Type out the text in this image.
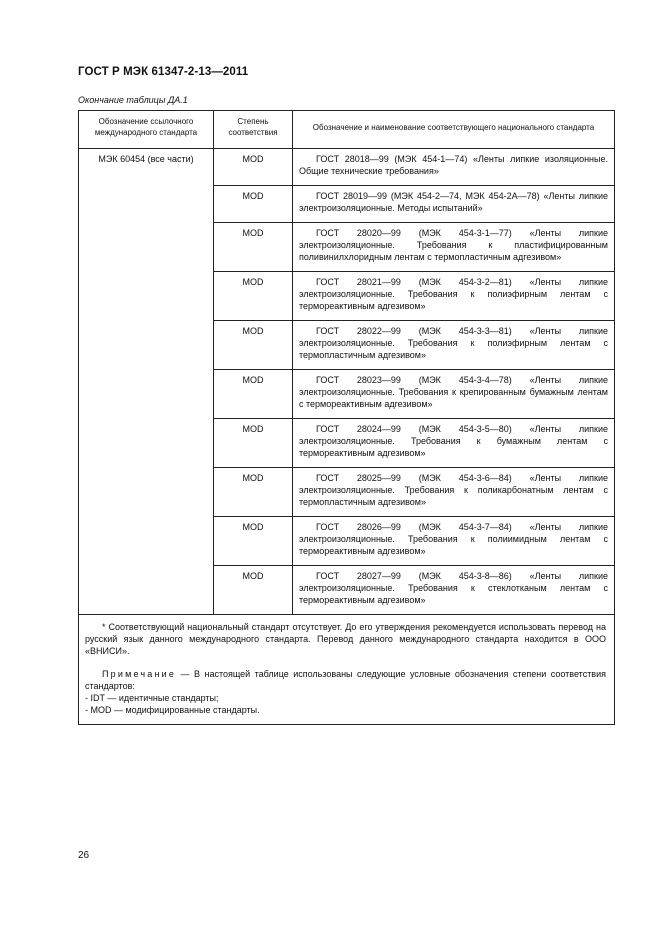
ГОСТ Р МЭК 61347-2-13—2011
Окончание таблицы ДА.1
Обозначение ссылочного международного стандарта	Степень соответствия	Обозначение и наименование соответствующего национального стандарта
МЭК 60454 (все части)	MOD	ГОСТ 28018—99 (МЭК 454-1—74) «Ленты липкие изоляционные. Общие технические требования»

	MOD	ГОСТ 28019—99 (МЭК 454-2—74, МЭК 454-2А—78) «Ленты липкие электроизоляционные. Методы испытаний»

	MOD	ГОСТ 28020—99 (МЭК 454-3-1—77) «Ленты липкие электроизоляционные. Требования к пластифицированным поливинилхлоридным лентам с термопластичным адгезивом»

	MOD	ГОСТ 28021—99 (МЭК 454-3-2—81) «Ленты липкие электроизоляционные. Требования к полиэфирным лентам с термореактивным адгезивом»

	MOD	ГОСТ 28022—99 (МЭК 454-3-3—81) «Ленты липкие электроизоляционные. Требования к полиэфирным лентам с термопластичным адгезивом»

	MOD	ГОСТ 28023—99 (МЭК 454-3-4—78) «Ленты липкие электроизоляционные. Требования к крепированным бумажным лентам с термореактивным адгезивом»

	MOD	ГОСТ 28024—99 (МЭК 454-3-5—80) «Ленты липкие электроизоляционные. Требования к бумажным лентам с термореактивным адгезивом»

	MOD	ГОСТ 28025—99 (МЭК 454-3-6—84) «Ленты липкие электроизоляционные. Требования к поликарбонатным лентам с термопластичным адгезивом»

	MOD	ГОСТ 28026—99 (МЭК 454-3-7—84) «Ленты липкие электроизоляционные. Требования к полиимидным лентам с термореактивным адгезивом»

	MOD	ГОСТ 28027—99 (МЭК 454-3-8—86) «Ленты липкие электроизоляционные. Требования к стеклотканым лентам с термореактивным адгезивом»

* Соответствующий национальный стандарт отсутствует. До его утверждения рекомендуется использовать перевод на русский язык данного международного стандарта. Перевод данного международного стандарта находится в ООО «ВНИСИ».

Примечание — В настоящей таблице использованы следующие условные обозначения степени соответствия стандартов:

- IDT — идентичные стандарты;

- MOD — модифицированные стандарты.		

26
